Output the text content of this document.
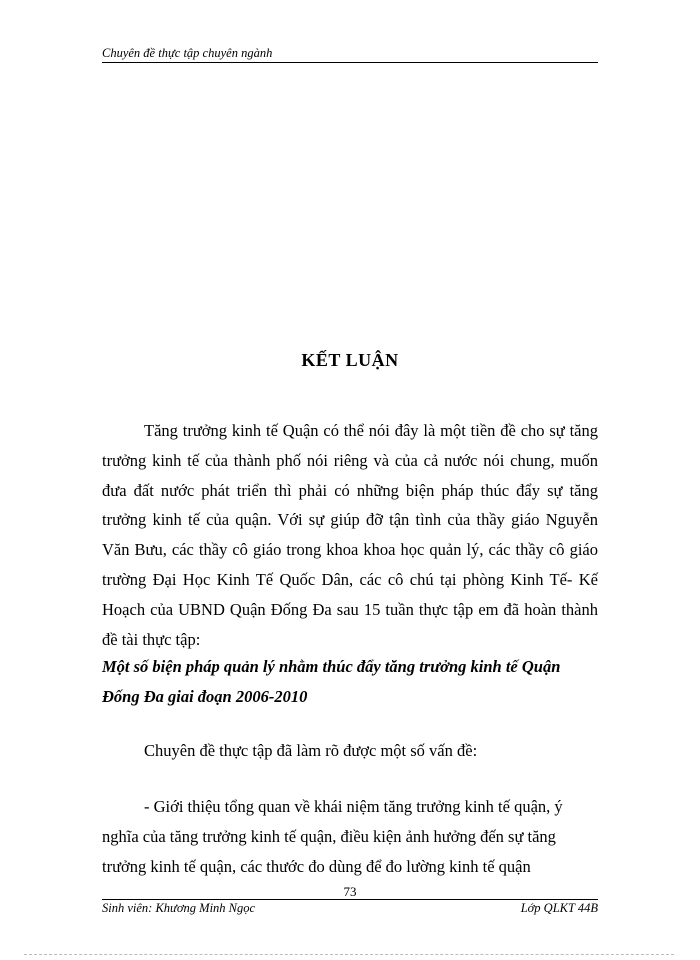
Chuyên đề thực tập chuyên ngành
KẾT LUẬN
Tăng trưởng kinh tế Quận có thể nói đây là một tiền đề cho sự tăng trưởng kinh tế của thành phố nói riêng và của cả nước nói chung, muốn đưa đất nước phát triển thì phải có những biện pháp thúc đẩy sự tăng trưởng kinh tế của quận. Với sự giúp đỡ tận tình của thầy giáo Nguyễn Văn Bưu, các thầy cô giáo trong khoa khoa học quản lý, các thầy cô giáo trường Đại Học Kinh Tế Quốc Dân, các cô chú tại phòng Kinh Tế- Kế Hoạch của UBND Quận Đống Đa sau 15 tuần thực tập em đã hoàn thành đề tài thực tập:
Một số biện pháp quản lý nhằm thúc đẩy tăng trưởng kinh tế Quận Đống Đa giai đoạn 2006-2010
Chuyên đề thực tập đã làm rõ được một số vấn đề:
- Giới thiệu tổng quan về khái niệm tăng trưởng kinh tế quận, ý nghĩa của tăng trưởng kinh tế quận, điều kiện ảnh hưởng đến sự tăng trưởng kinh tế quận, các thước đo dùng để đo lường kinh tế quận
73
Sinh viên: Khương Minh Ngọc	Lớp QLKT 44B
